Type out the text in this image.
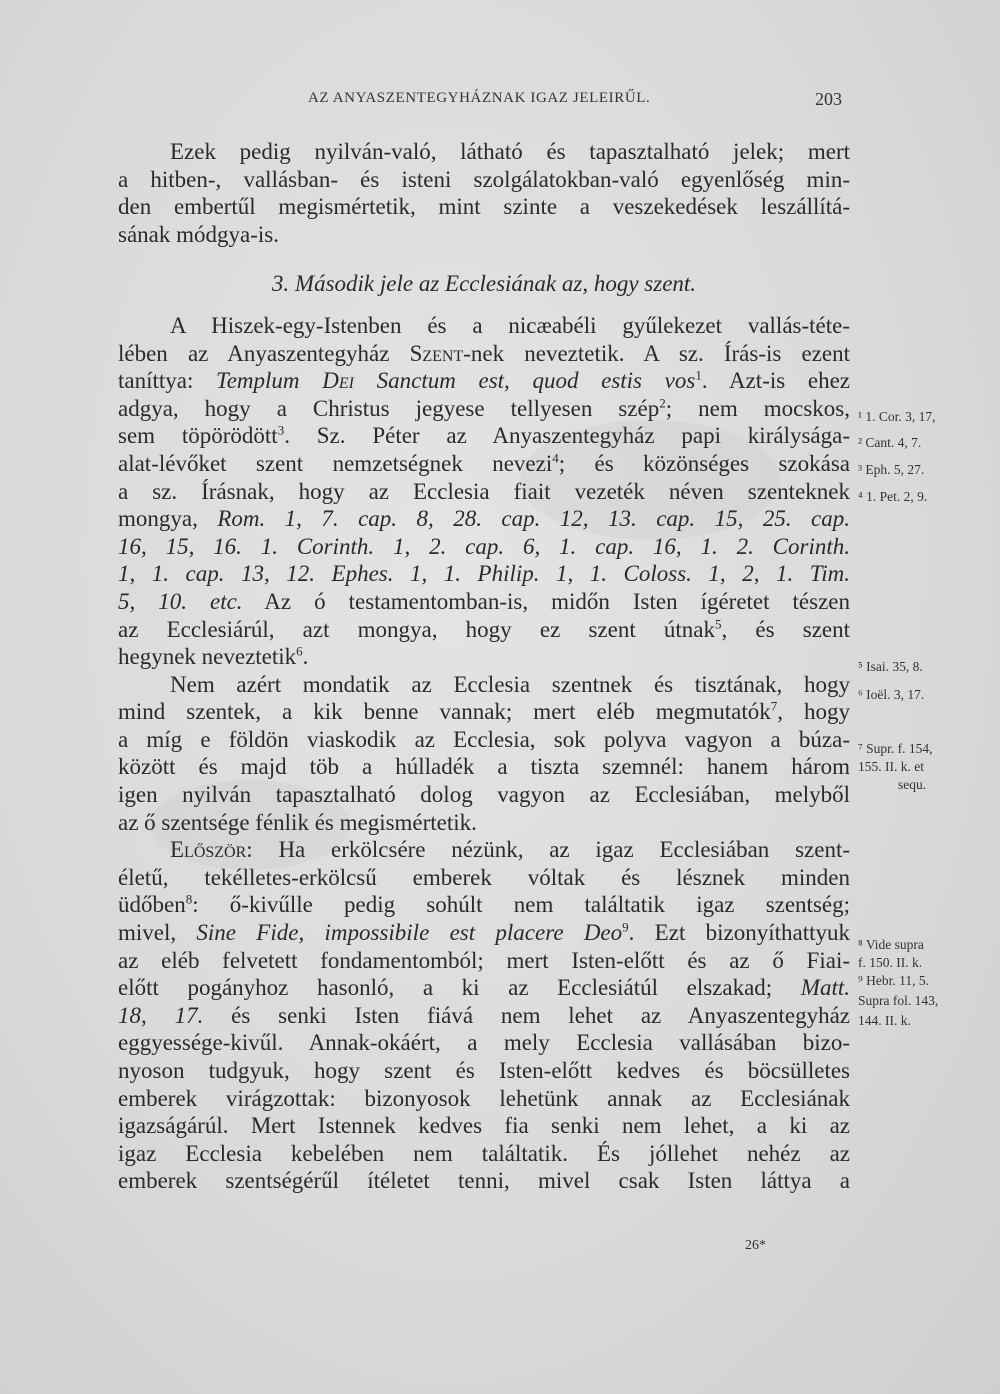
AZ ANYASZENTEGYHÁZNAK IGAZ JELEIRŰL.	203
Ezek pedig nyilván-való, látható és tapasztalható jelek; mert
a hitben-, vallásban- és isteni szolgálatokban-való egyenlőség min-
den embertűl megismértetik, mint szinte a veszekedések leszállítá-
sának módgya-is.
3. Második jele az Ecclesiának az, hogy szent.
A Hiszek-egy-Istenben és a nicæabéli gyűlekezet vallás-téte-
lében az Anyaszentegyház Szent-nek neveztetik. A sz. Írás-is ezent
taníttya: Templum Dei Sanctum est, quod estis vos$^1$. Azt-is ehez
adgya, hogy a Christus jegyese tellyesen szép$^2$; nem mocskos,
sem töpörödött$^3$. Sz. Péter az Anyaszentegyház papi királysága-
alat-lévőket szent nemzetségnek nevezi$^4$; és közönséges szokása
a sz. Írásnak, hogy az Ecclesia fiait vezeték néven szenteknek
mongya, Rom. 1, 7. cap. 8, 28. cap. 12, 13. cap. 15, 25. cap.
16, 15, 16. 1. Corinth. 1, 2. cap. 6, 1. cap. 16, 1. 2. Corinth.
1, 1. cap. 13, 12. Ephes. 1, 1. Philip. 1, 1. Coloss. 1, 2, 1. Tim.
5, 10. etc. Az ó testamentomban-is, midőn Isten ígéretet tészen
az Ecclesiárúl, azt mongya, hogy ez szent útnak$^5$, és szent
hegynek neveztetik$^6$.
Nem azért mondatik az Ecclesia szentnek és tisztának, hogy
mind szentek, a kik benne vannak; mert eléb megmutatók$^7$, hogy
a míg e földön viaskodik az Ecclesia, sok polyva vagyon a búza-
között és majd töb a húlladék a tiszta szemnél: hanem három
igen nyilván tapasztalható dolog vagyon az Ecclesiában, melyből
az ő szentsége fénlik és megismértetik.
Először: Ha erkölcsére nézünk, az igaz Ecclesiában szent-
életű, tekélletes-erkölcsű emberek vóltak és lésznek minden
üdőben$^8$: ő-kivűlle pedig sohúlt nem találtatik igaz szentség;
mivel, Sine Fide, impossibile est placere Deo$^9$. Ezt bizonyíthattyuk
az eléb felvetett fondamentomból; mert Isten-előtt és az ő Fiai-
előtt pogányhoz hasonló, a ki az Ecclesiátúl elszakad; Matt.
18, 17. és senki Isten fiává nem lehet az Anyaszentegyház
eggyessége-kivűl. Annak-okáért, a mely Ecclesia vallásában bizo-
nyoson tudgyuk, hogy szent és Isten-előtt kedves és böcsülletes
emberek virágzottak: bizonyosok lehetünk annak az Ecclesiának
igazságárúl. Mert Istennek kedves fia senki nem lehet, a ki az
igaz Ecclesia kebelében nem találtatik. És jóllehet nehéz az
emberek szentségérűl ítéletet tenni, mivel csak Isten láttya a
¹ 1. Cor. 3, 17,
² Cant. 4, 7.
³ Eph. 5, 27.
⁴ 1. Pet. 2, 9.
⁵ Isai. 35, 8.
⁶ Ioël. 3, 17.
⁷ Supr. f. 154,
155. II. k. et
sequ.
⁸ Vide supra
f. 150. II. k.
⁹ Hebr. 11, 5.
Supra fol. 143,
144. II. k.
26*
